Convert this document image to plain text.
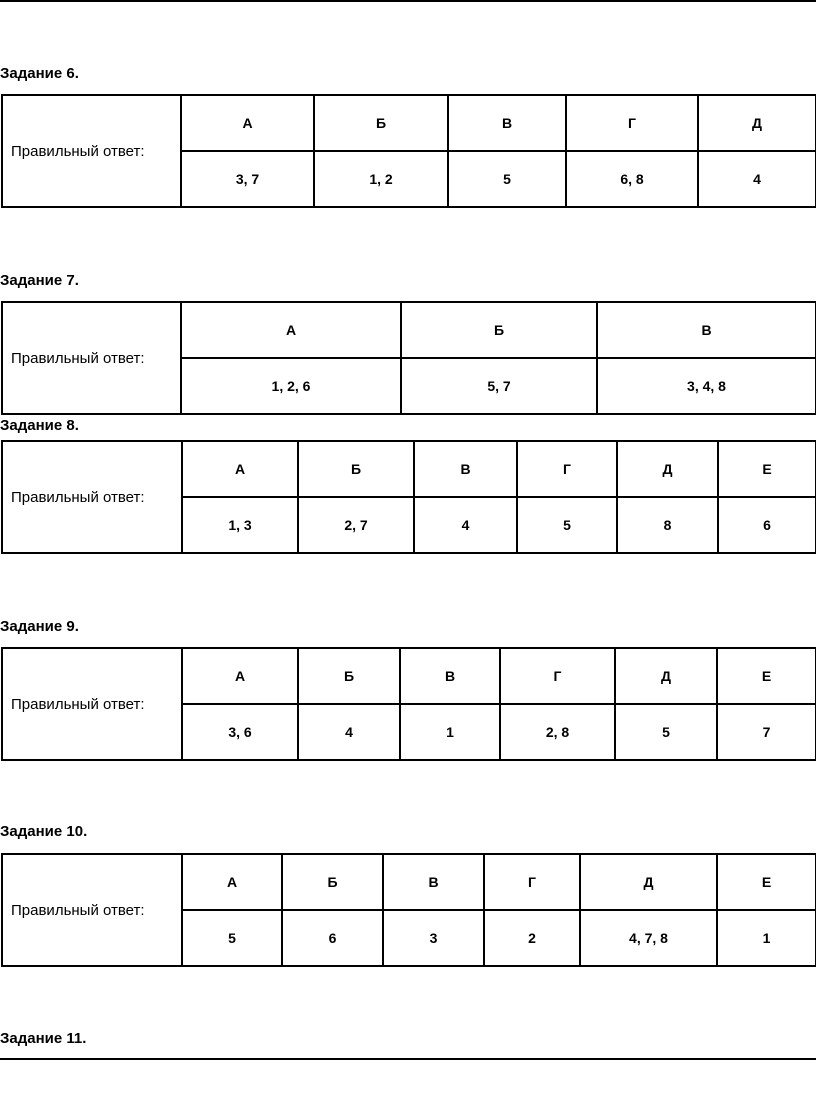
Задание 6.
Правильный ответ:	А	Б	В	Г	Д
	3, 7	1, 2	5	6, 8	4
Задание 7.
Правильный ответ:	А	Б	В
	1, 2, 6	5, 7	3, 4, 8
Задание 8.
Правильный ответ:	А	Б	В	Г	Д	Е
	1, 3	2, 7	4	5	8	6
Задание 9.
Правильный ответ:	А	Б	В	Г	Д	Е
	3, 6	4	1	2, 8	5	7
Задание 10.
Правильный ответ:	А	Б	В	Г	Д	Е
	5	6	3	2	4, 7, 8	1
Задание 11.
